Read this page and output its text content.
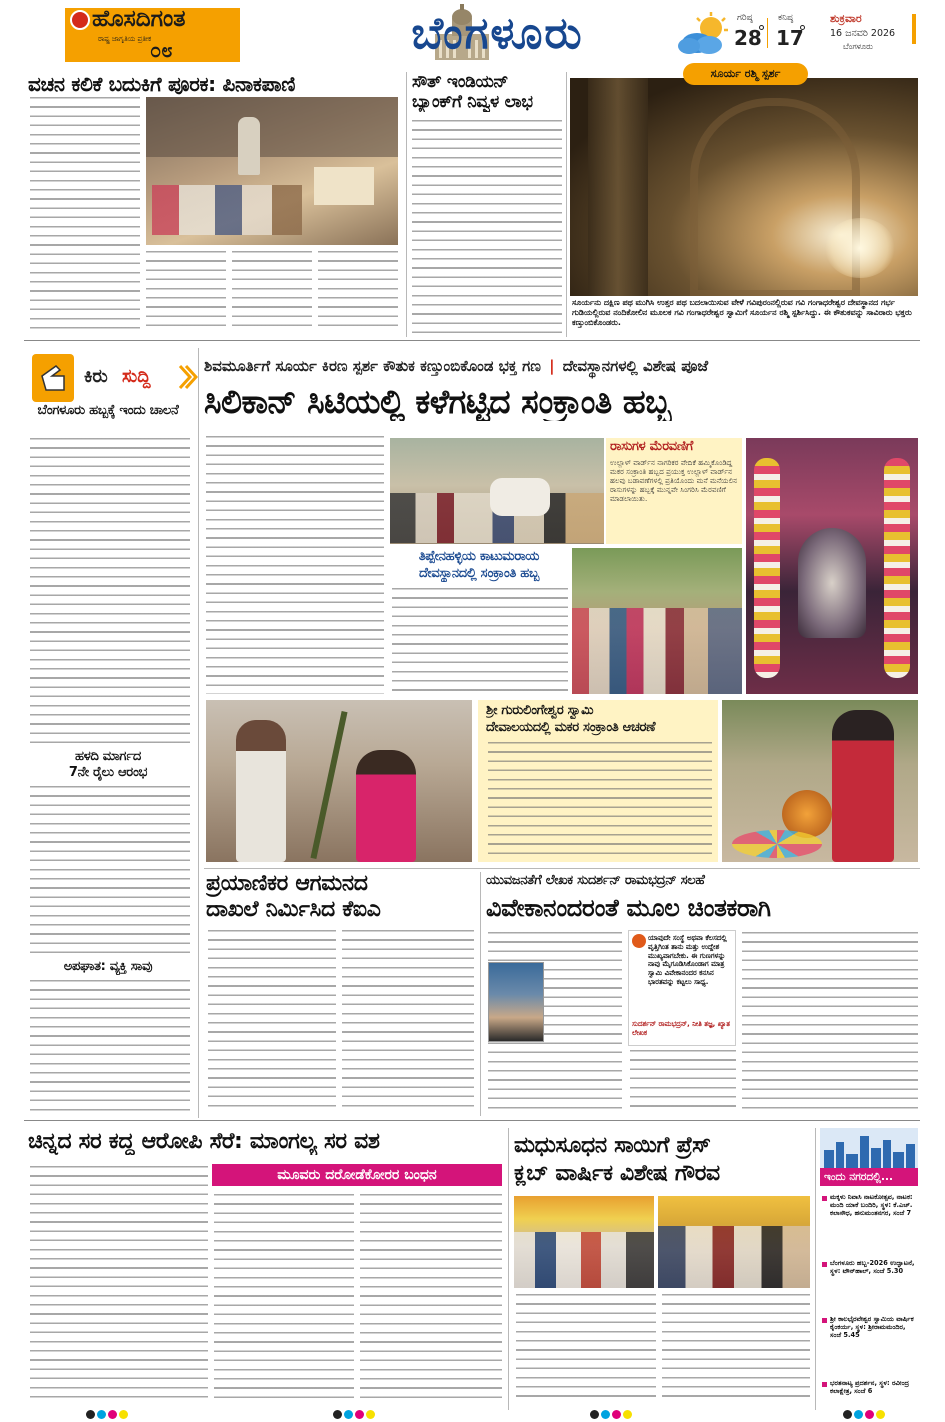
ಹೊಸದಿಗಂತ
ರಾಷ್ಟ್ರ ಜಾಗೃತಿಯ ಪ್ರತೀಕ
೦೮	ಬೆಂಗಳೂರು	ಗರಿಷ್ಠ
28
ಕನಿಷ್ಠ
17
ಶುಕ್ರವಾರ
16 ಜನವರಿ 2026
ಬೆಂಗಳೂರು
ವಚನ ಕಲಿಕೆ ಬದುಕಿಗೆ ಪೂರಕ: ಪಿನಾಕಪಾಣಿ	ಸೌತ್ ಇಂಡಿಯನ್
ಬ್ಯಾಂಕ್‌ಗೆ ನಿವ್ವಳ ಲಾಭ
ಸೂರ್ಯ ರಶ್ಮಿ ಸ್ಪರ್ಶ
ಸೂರ್ಯನು ದಕ್ಷಿಣ ಪಥ ಮುಗಿಸಿ ಉತ್ತರ ಪಥ ಬದಲಾಯಿಸುವ ವೇಳೆ ಗವಿಪುರಂನಲ್ಲಿರುವ ಗವಿ ಗಂಗಾಧರೇಶ್ವರ ದೇವಸ್ಥಾನದ ಗರ್ಭ ಗುಡಿಯಲ್ಲಿರುವ ನಂದಿಕೋಲಿನ ಮೂಲಕ ಗವಿ ಗಂಗಾಧರೇಶ್ವರ ಸ್ವಾಮಿಗೆ ಸೂರ್ಯನ ರಶ್ಮಿ ಸ್ಪರ್ಶಿಸಿದ್ದು. ಈ ಕೌತುಕವನ್ನು ಸಾವಿರಾರು ಭಕ್ತರು ಕಣ್ತುಂಬಿಕೊಂಡರು.
ಕಿರು ಸುದ್ದಿ
ಬೆಂಗಳೂರು ಹಬ್ಬಕ್ಕೆ ಇಂದು ಚಾಲನೆ
ಹಳದಿ ಮಾರ್ಗದ
7ನೇ ರೈಲು ಆರಂಭ
ಅಪಘಾತ: ವ್ಯಕ್ತಿ ಸಾವು
ಶಿವಮೂರ್ತಿಗೆ ಸೂರ್ಯ ಕಿರಣ ಸ್ಪರ್ಶ ಕೌತುಕ ಕಣ್ತುಂಬಿಕೊಂಡ ಭಕ್ತ ಗಣ | ದೇವಸ್ಥಾನಗಳಲ್ಲಿ ವಿಶೇಷ ಪೂಜೆ
ಸಿಲಿಕಾನ್ ಸಿಟಿಯಲ್ಲಿ ಕಳೆಗಟ್ಟಿದ ಸಂಕ್ರಾಂತಿ ಹಬ್ಬ
ರಾಸುಗಳ ಮೆರವಣಿಗೆ
ಉಲ್ಲಾಳ್ ವಾರ್ಡ್‌ನ ನಾಗರಿಕರ ವೇದಿಕೆ ಹಮ್ಮಿಕೊಂಡಿದ್ದ ಮಕರ ಸಂಕ್ರಾಂತಿ ಹಬ್ಬದ ಪ್ರಯುಕ್ತ ಉಲ್ಲಾಳ್ ವಾರ್ಡ್‌ನ ಹಲವು ಬಡಾವಣೆಗಳಲ್ಲಿ ಪ್ರತಿಯೊಂದು ಮನೆ ಮನೆಯಲಿನ ರಾಸುಗಳನ್ನು ಹಬ್ಬಕ್ಕೆ ಮುನ್ನವೇ ಸಿಂಗರಿಸಿ ಮೆರವಣಿಗೆ ಮಾಡಲಾಯಿತು.
ತಿಪ್ಪೇನಹಳ್ಳಿಯ ಕಾಟುಮರಾಯ
ದೇವಸ್ಥಾನದಲ್ಲಿ ಸಂಕ್ರಾಂತಿ ಹಬ್ಬ
ಶ್ರೀ ಗುರುಲಿಂಗೇಶ್ವರ ಸ್ವಾಮಿ
ದೇವಾಲಯದಲ್ಲಿ ಮಕರ ಸಂಕ್ರಾಂತಿ ಆಚರಣೆ
ಪ್ರಯಾಣಿಕರ ಆಗಮನದ
ದಾಖಲೆ ನಿರ್ಮಿಸಿದ ಕೆಐಎ
ಯುವಜನತೆಗೆ ಲೇಖಕ ಸುದರ್ಶನ್ ರಾಮಭದ್ರನ್ ಸಲಹೆ
ವಿವೇಕಾನಂದರಂತೆ ಮೂಲ ಚಿಂತಕರಾಗಿ
ಯಾವುದೇ ಸಂಸ್ಥೆ ಅಥವಾ ಕೆಲಸದಲ್ಲಿ ವೃತ್ತಿಗಿಂತ ತಾನು ಮತ್ತು ಉದ್ದೇಶ ಮುಖ್ಯವಾಗಬೇಕು. ಈ ಗುಣಗಳನ್ನು ನಾವು ಮೈಗೂಡಿಸಿಕೊಂಡಾಗ ಮಾತ್ರ ಸ್ವಾಮಿ ವಿವೇಕಾನಂದರ ಕನಸಿನ ಭಾರತವನ್ನು ಕಟ್ಟಲು ಸಾಧ್ಯ.
ಸುದರ್ಶನ್ ರಾಮಭದ್ರನ್, ನೀತಿ ತಜ್ಞ, ಖ್ಯಾತ ಲೇಖಕ
ಚಿನ್ನದ ಸರ ಕದ್ದ ಆರೋಪಿ ಸೆರೆ: ಮಾಂಗಲ್ಯ ಸರ ವಶ
ಮೂವರು ದರೋಡೆಕೋರರ ಬಂಧನ
ಮಧುಸೂಧನ ಸಾಯಿಗೆ ಪ್ರೆಸ್
ಕ್ಲಬ್ ವಾರ್ಷಿಕ ವಿಶೇಷ ಗೌರವ	ಇಂದು ನಗರದಲ್ಲಿ...
ಮಕ್ಕಳು ನಿವಾಸಿ ನಾಟಕೋತ್ಸವ, ನಾಟಕ: ಮಂದಿ ಯಾಕೆ ಬಂದಿರಿ, ಸ್ಥಳ: ಕೆ.ಎಚ್. ಕಲಾಸೌಧ, ಹನುಮಂತನಗರ, ಸಂಜೆ 7
ಬೆಂಗಳೂರು ಹಬ್ಬ-2026 ಉದ್ಘಾಟನೆ, ಸ್ಥಳ: ಟೌನ್‌ಹಾಲ್, ಸಂಜೆ 5.30
ಶ್ರೀ ಕಾಲಭೈರವೇಶ್ವರ ಸ್ವಾಮಿಯ ವಾರ್ಷಿಕ ಕೈಂಕರ್ಯ, ಸ್ಥಳ: ಶ್ರೀರಾಮಮಂದಿರ, ಸಂಜೆ 5.45
ಭರತನಾಟ್ಯ ಪ್ರದರ್ಶನ, ಸ್ಥಳ: ರವೀಂದ್ರ ಕಲಾಕ್ಷೇತ್ರ, ಸಂಜೆ 6
